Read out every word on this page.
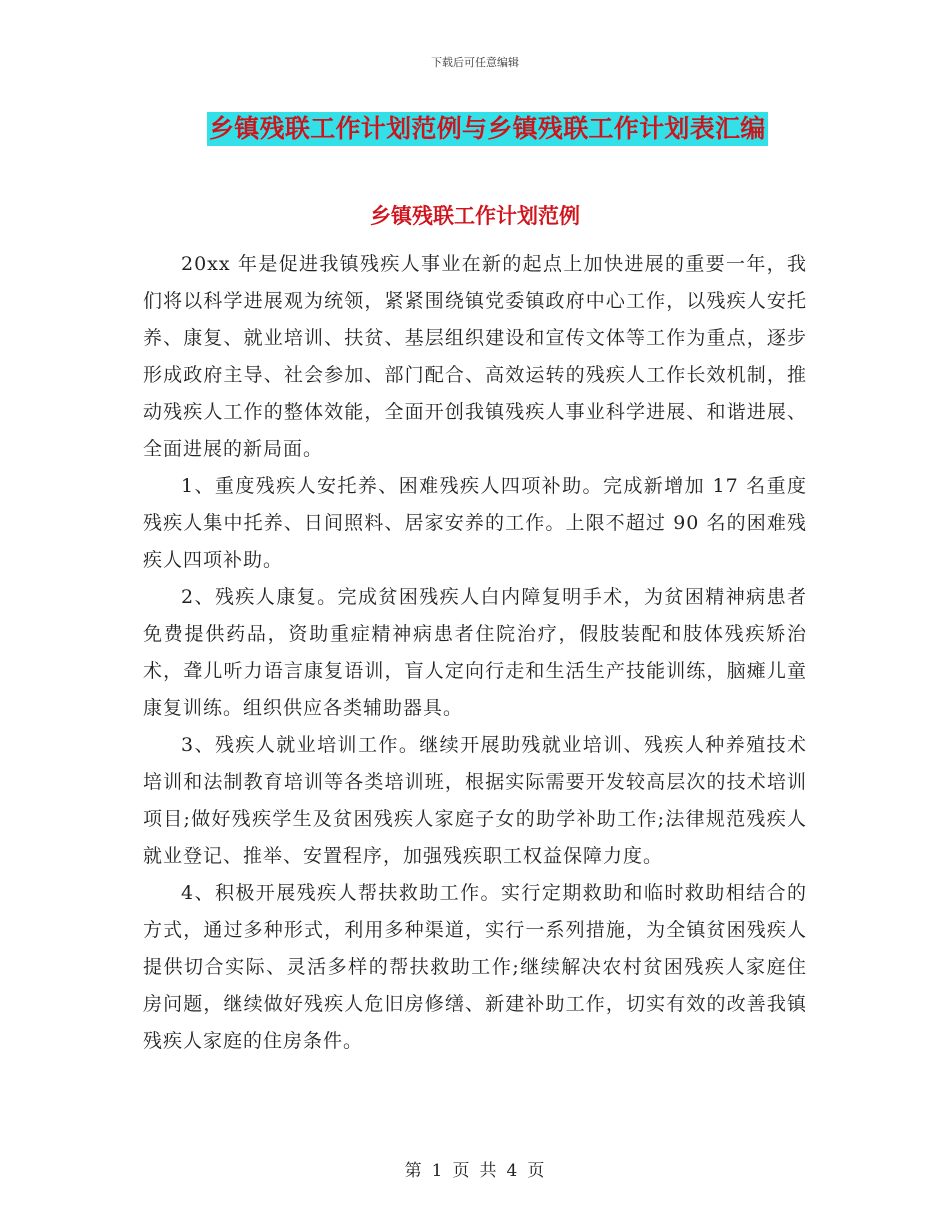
下载后可任意编辑
乡镇残联工作计划范例与乡镇残联工作计划表汇编
乡镇残联工作计划范例

20xx 年是促进我镇残疾人事业在新的起点上加快进展的重要一年，我们将以科学进展观为统领，紧紧围绕镇党委镇政府中心工作，以残疾人安托养、康复、就业培训、扶贫、基层组织建设和宣传文体等工作为重点，逐步形成政府主导、社会参加、部门配合、高效运转的残疾人工作长效机制，推动残疾人工作的整体效能，全面开创我镇残疾人事业科学进展、和谐进展、全面进展的新局面。

1、重度残疾人安托养、困难残疾人四项补助。完成新增加 17 名重度残疾人集中托养、日间照料、居家安养的工作。上限不超过 90 名的困难残疾人四项补助。

2、残疾人康复。完成贫困残疾人白内障复明手术，为贫困精神病患者免费提供药品，资助重症精神病患者住院治疗，假肢装配和肢体残疾矫治术，聋儿听力语言康复语训，盲人定向行走和生活生产技能训练，脑瘫儿童康复训练。组织供应各类辅助器具。

3、残疾人就业培训工作。继续开展助残就业培训、残疾人种养殖技术培训和法制教育培训等各类培训班，根据实际需要开发较高层次的技术培训项目;做好残疾学生及贫困残疾人家庭子女的助学补助工作;法律规范残疾人就业登记、推举、安置程序，加强残疾职工权益保障力度。

4、积极开展残疾人帮扶救助工作。实行定期救助和临时救助相结合的方式，通过多种形式，利用多种渠道，实行一系列措施，为全镇贫困残疾人提供切合实际、灵活多样的帮扶救助工作;继续解决农村贫困残疾人家庭住房问题，继续做好残疾人危旧房修缮、新建补助工作，切实有效的改善我镇残疾人家庭的住房条件。

第 1 页 共 4 页
